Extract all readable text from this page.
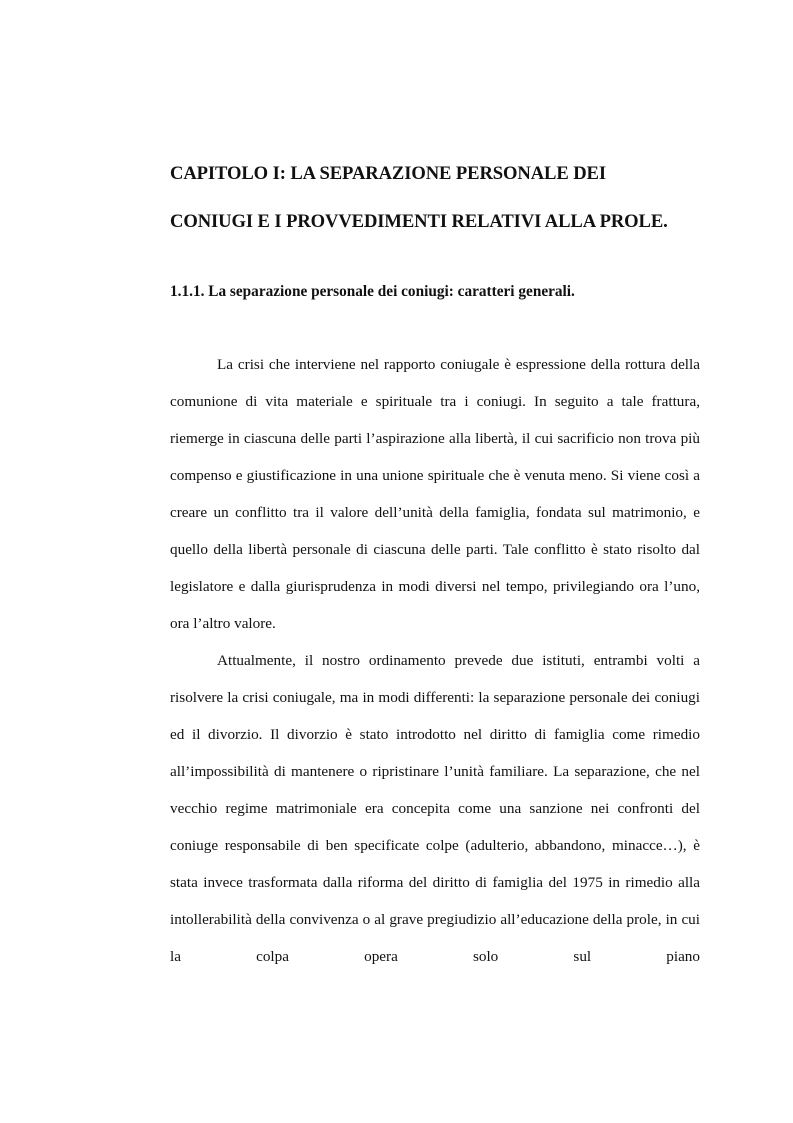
CAPITOLO I: LA SEPARAZIONE PERSONALE DEI
CONIUGI E I PROVVEDIMENTI RELATIVI ALLA PROLE.
1.1.1. La separazione personale dei coniugi: caratteri generali.

La crisi che interviene nel rapporto coniugale è espressione della rottura della comunione di vita materiale e spirituale tra i coniugi. In seguito a tale frattura, riemerge in ciascuna delle parti l’aspirazione alla libertà, il cui sacrificio non trova più compenso e giustificazione in una unione spirituale che è venuta meno. Si viene così a creare un conflitto tra il valore dell’unità della famiglia, fondata sul matrimonio, e quello della libertà personale di ciascuna delle parti. Tale conflitto è stato risolto dal legislatore e dalla giurisprudenza in modi diversi nel tempo, privilegiando ora l’uno, ora l’altro valore.

Attualmente, il nostro ordinamento prevede due istituti, entrambi volti a risolvere la crisi coniugale, ma in modi differenti: la separazione personale dei coniugi ed il divorzio. Il divorzio è stato introdotto nel diritto di famiglia come rimedio all’impossibilità di mantenere o ripristinare l’unità familiare. La separazione, che nel vecchio regime matrimoniale era concepita come una sanzione nei confronti del coniuge responsabile di ben specificate colpe (adulterio, abbandono, minacce…), è stata invece trasformata dalla riforma del diritto di famiglia del 1975 in rimedio alla intollerabilità della convivenza o al grave pregiudizio all’educazione della prole, in cui la colpa opera solo sul piano
